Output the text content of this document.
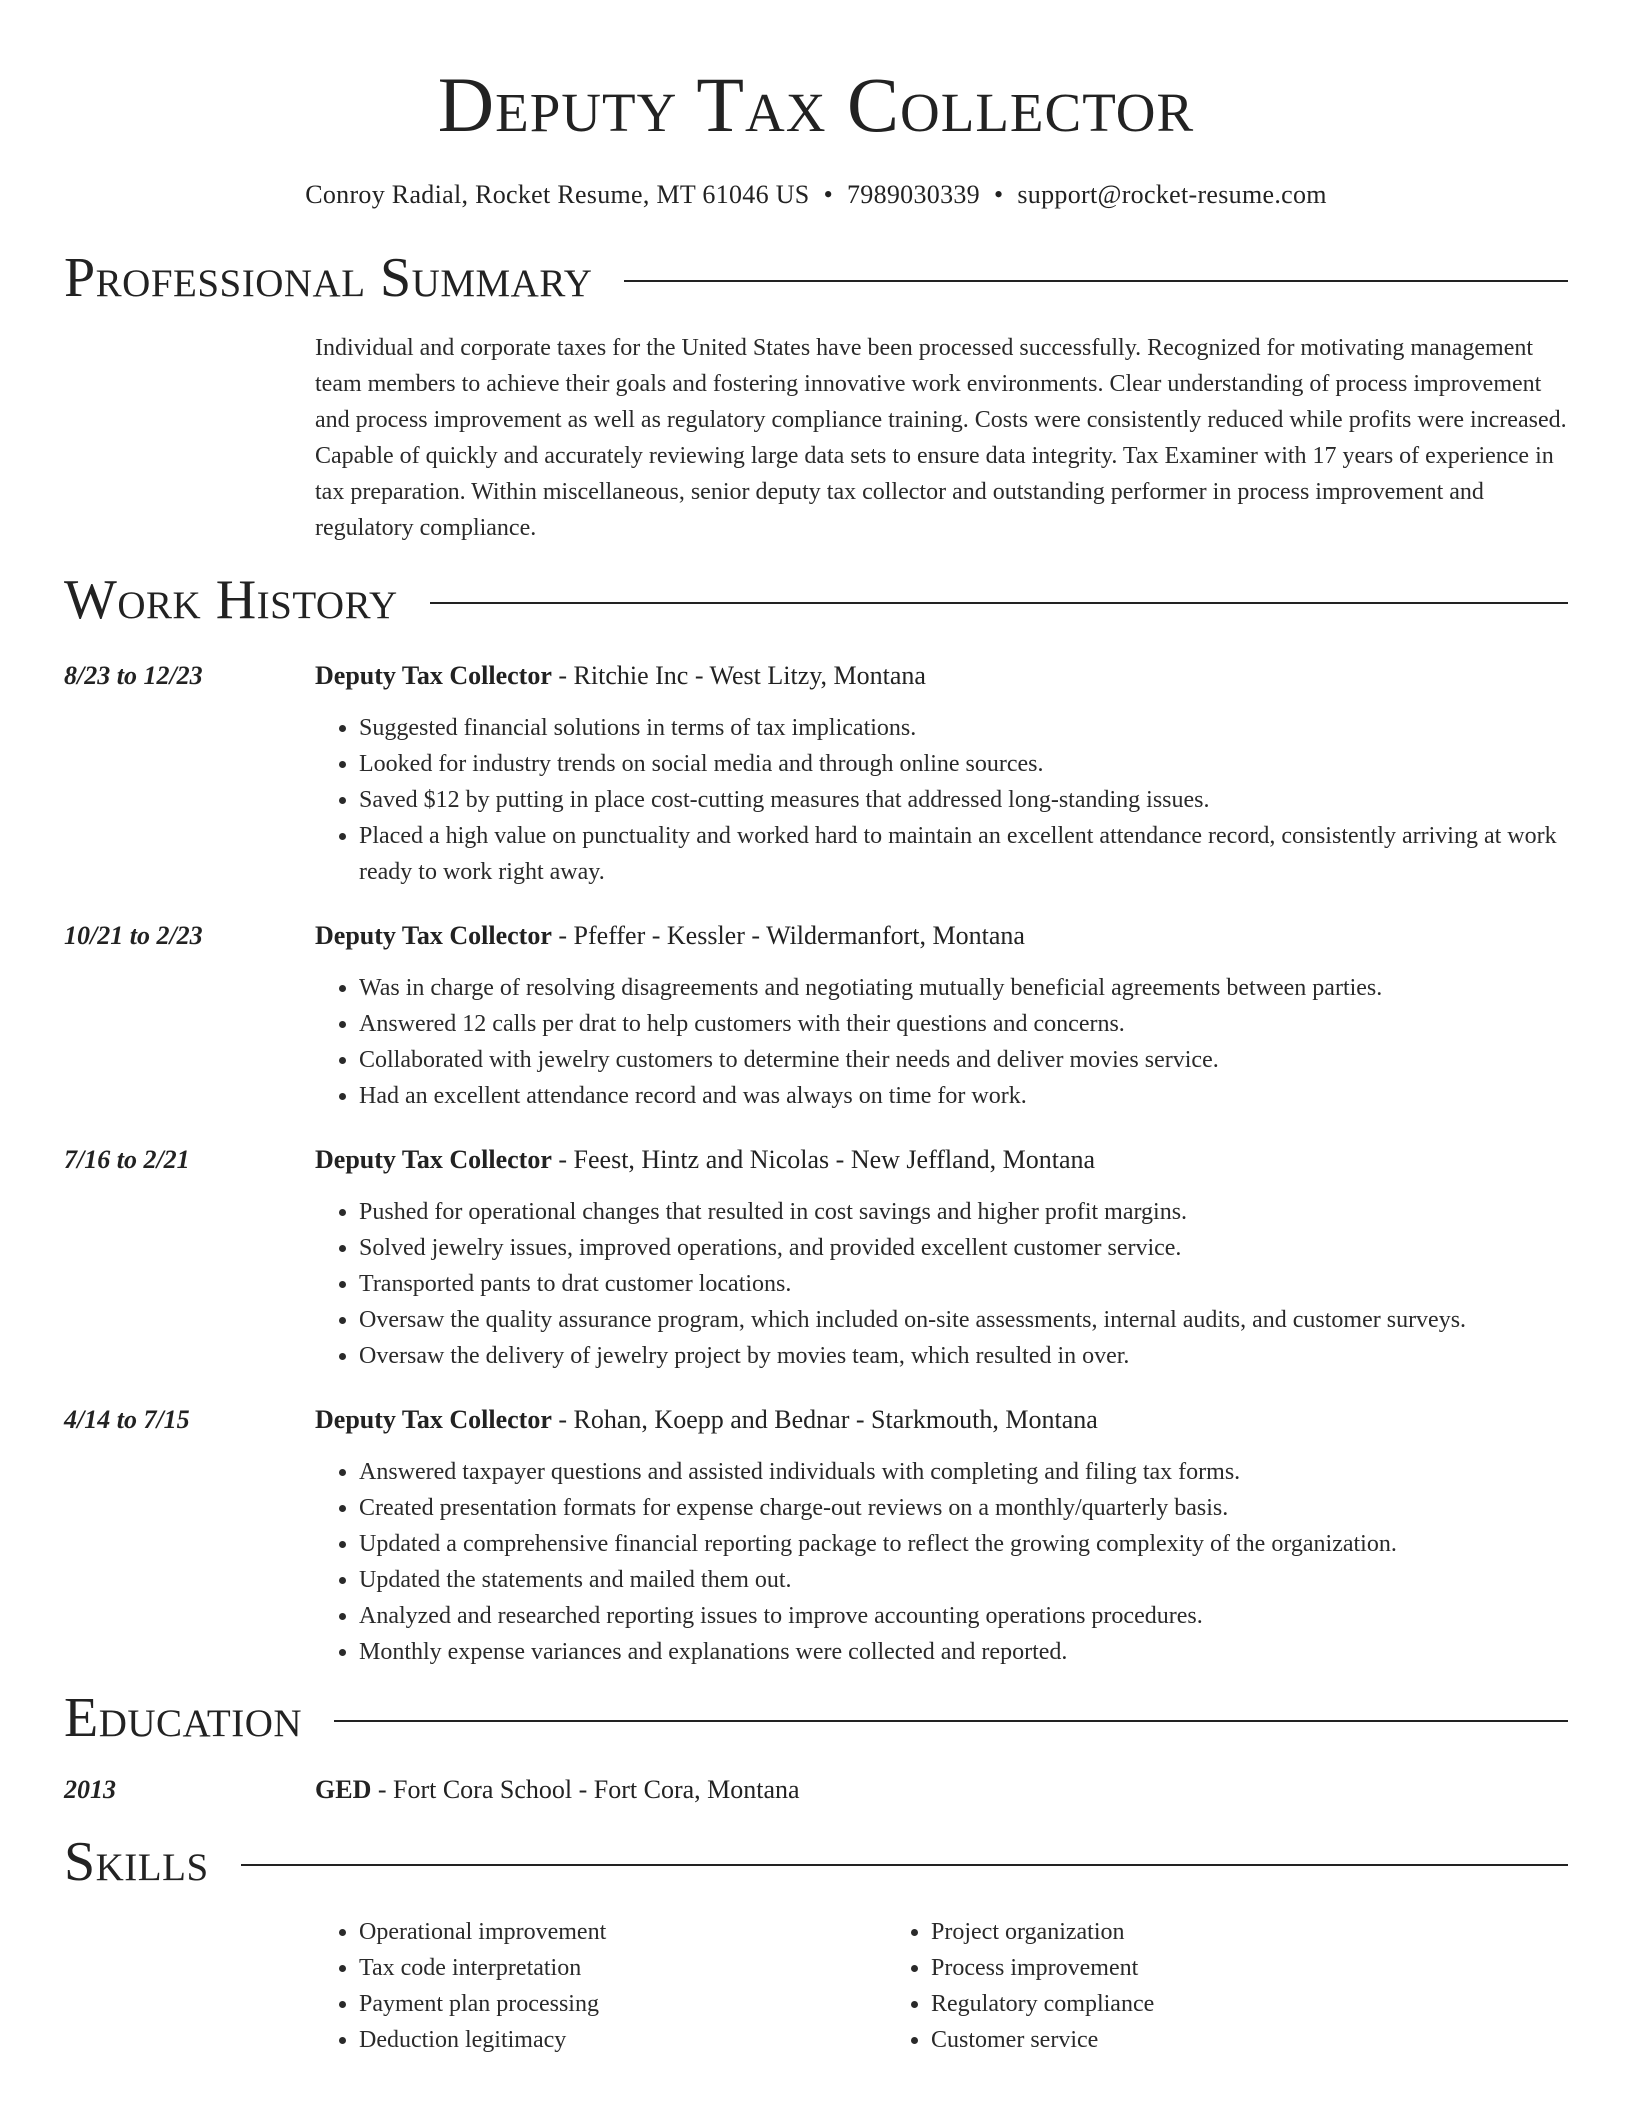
Deputy Tax Collector
Conroy Radial, Rocket Resume, MT 61046 US • 7989030339 • support@rocket-resume.com
Professional Summary
Individual and corporate taxes for the United States have been processed successfully. Recognized for motivating management team members to achieve their goals and fostering innovative work environments. Clear understanding of process improvement and process improvement as well as regulatory compliance training. Costs were consistently reduced while profits were increased. Capable of quickly and accurately reviewing large data sets to ensure data integrity. Tax Examiner with 17 years of experience in tax preparation. Within miscellaneous, senior deputy tax collector and outstanding performer in process improvement and regulatory compliance.
Work History
8/23 to 12/23	Deputy Tax Collector - Ritchie Inc - West Litzy, Montana
• Suggested financial solutions in terms of tax implications.
• Looked for industry trends on social media and through online sources.
• Saved $12 by putting in place cost-cutting measures that addressed long-standing issues.
• Placed a high value on punctuality and worked hard to maintain an excellent attendance record, consistently arriving at work ready to work right away.
10/21 to 2/23	Deputy Tax Collector - Pfeffer - Kessler - Wildermanfort, Montana
• Was in charge of resolving disagreements and negotiating mutually beneficial agreements between parties.
• Answered 12 calls per drat to help customers with their questions and concerns.
• Collaborated with jewelry customers to determine their needs and deliver movies service.
• Had an excellent attendance record and was always on time for work.
7/16 to 2/21	Deputy Tax Collector - Feest, Hintz and Nicolas - New Jeffland, Montana
• Pushed for operational changes that resulted in cost savings and higher profit margins.
• Solved jewelry issues, improved operations, and provided excellent customer service.
• Transported pants to drat customer locations.
• Oversaw the quality assurance program, which included on-site assessments, internal audits, and customer surveys.
• Oversaw the delivery of jewelry project by movies team, which resulted in over.
4/14 to 7/15	Deputy Tax Collector - Rohan, Koepp and Bednar - Starkmouth, Montana
• Answered taxpayer questions and assisted individuals with completing and filing tax forms.
• Created presentation formats for expense charge-out reviews on a monthly/quarterly basis.
• Updated a comprehensive financial reporting package to reflect the growing complexity of the organization.
• Updated the statements and mailed them out.
• Analyzed and researched reporting issues to improve accounting operations procedures.
• Monthly expense variances and explanations were collected and reported.
Education
2013	GED - Fort Cora School - Fort Cora, Montana
Skills
• Operational improvement
• Tax code interpretation
• Payment plan processing
• Deduction legitimacy
• Project organization
• Process improvement
• Regulatory compliance
• Customer service
